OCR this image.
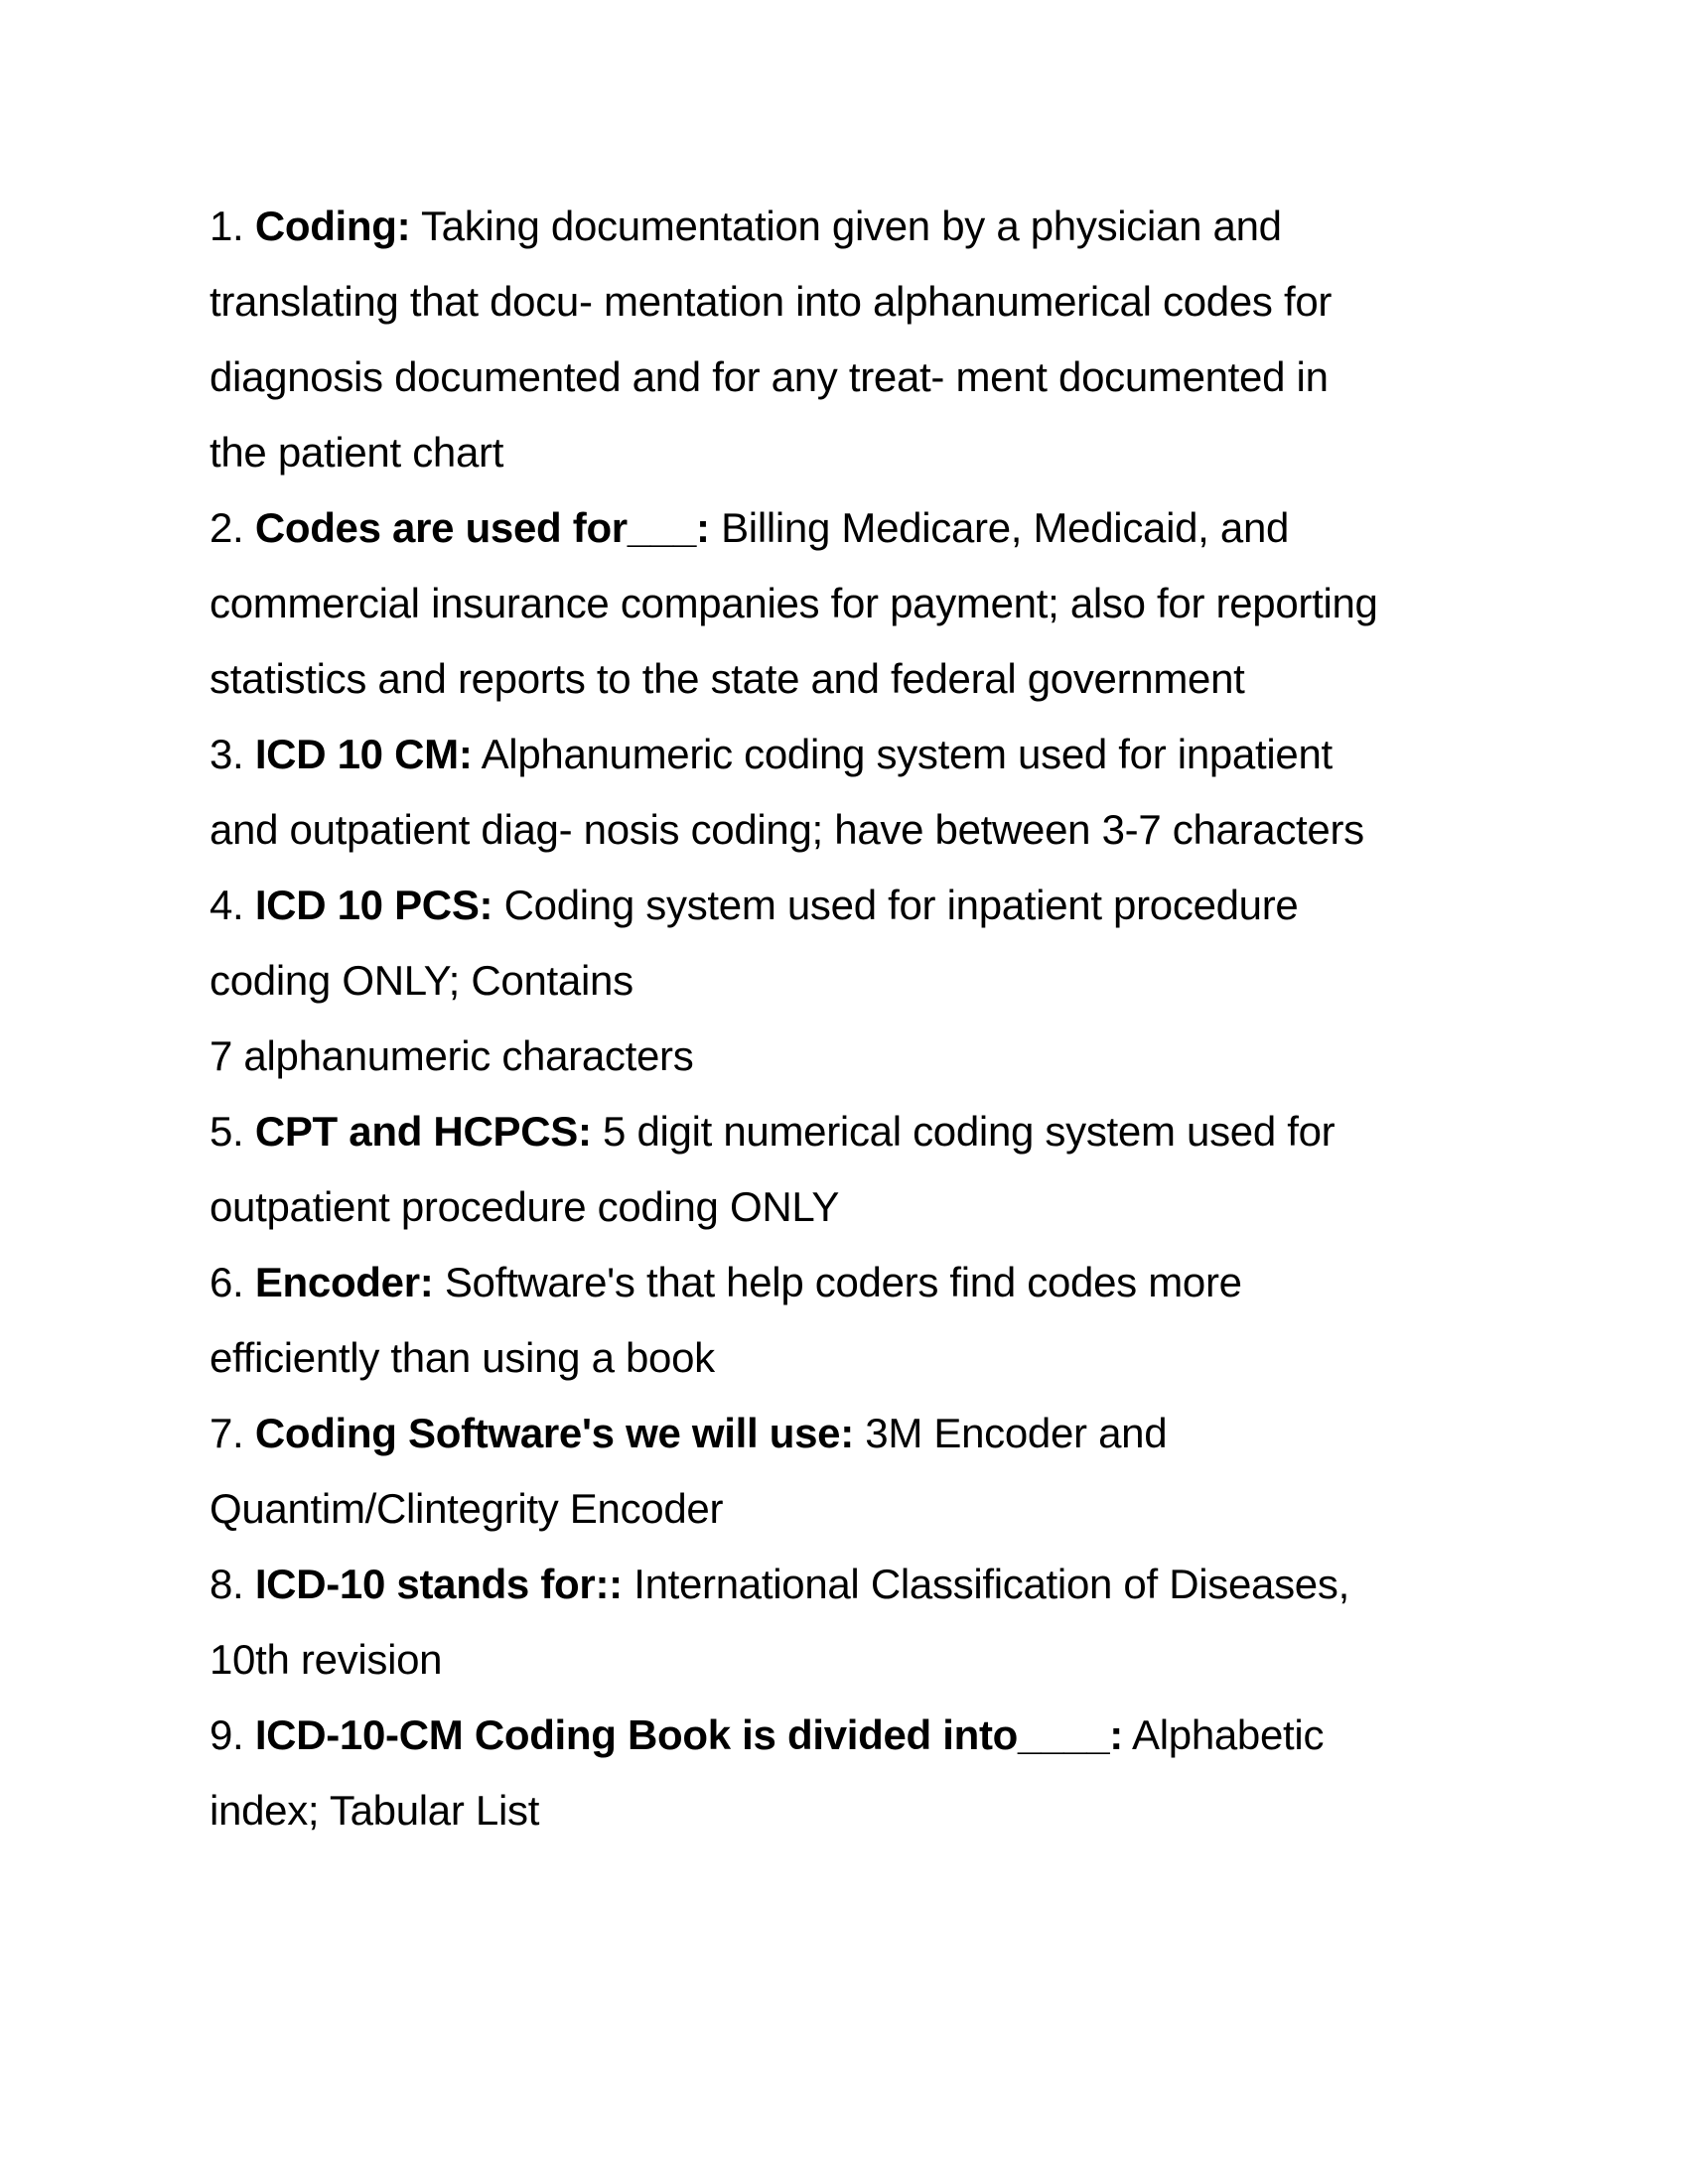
1. Coding: Taking documentation given by a physician and
translating that docu- mentation into alphanumerical codes for
diagnosis documented and for any treat- ment documented in
the patient chart
2. Codes are used for___: Billing Medicare, Medicaid, and
commercial insurance companies for payment; also for reporting
statistics and reports to the state and federal government
3. ICD 10 CM: Alphanumeric coding system used for inpatient
and outpatient diag- nosis coding; have between 3-7 characters
4. ICD 10 PCS: Coding system used for inpatient procedure
coding ONLY; Contains
7 alphanumeric characters
5. CPT and HCPCS: 5 digit numerical coding system used for
outpatient procedure coding ONLY
6. Encoder: Software's that help coders find codes more
efficiently than using a book
7. Coding Software's we will use: 3M Encoder and
Quantim/Clintegrity Encoder
8. ICD-10 stands for:: International Classification of Diseases,
10th revision
9. ICD-10-CM Coding Book is divided into____: Alphabetic
index; Tabular List
